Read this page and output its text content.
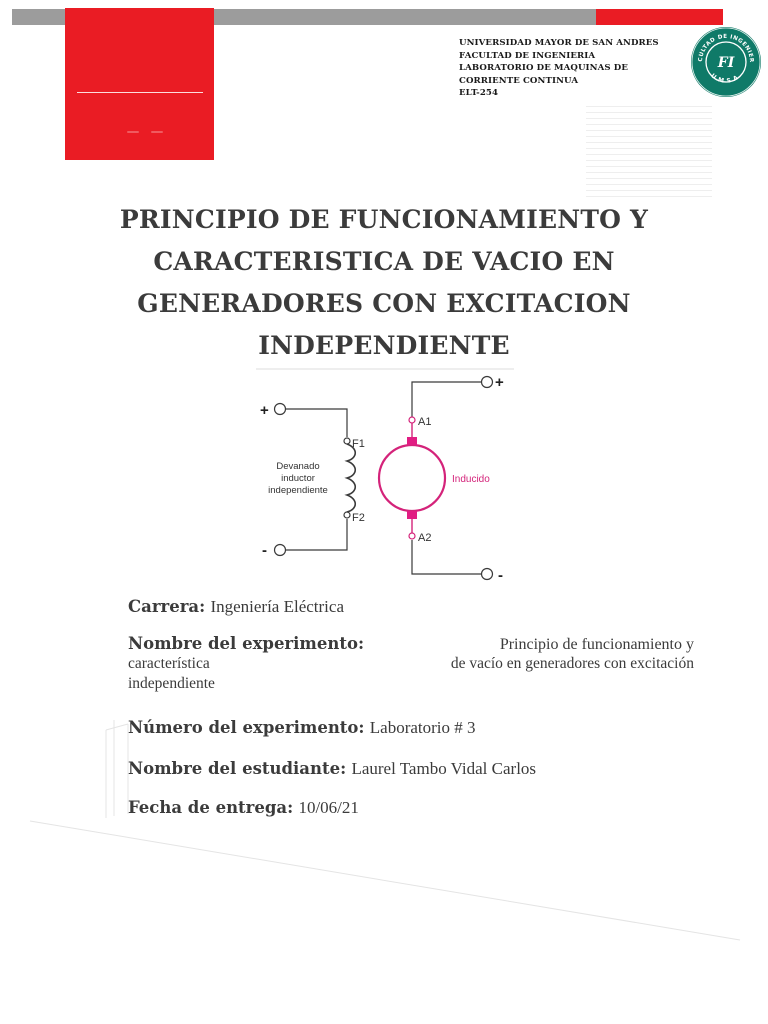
UNIVERSIDAD MAYOR DE SAN ANDRES
FACULTAD DE INGENIERIA
LABORATORIO DE MAQUINAS DE
CORRIENTE CONTINUA
ELT-254
CULTAD DE INGENIER
U.M.S.A.
FI
PRINCIPIO DE FUNCIONAMIENTO Y
CARACTERISTICA DE VACIO EN
GENERADORES CON EXCITACION
INDEPENDIENTE
+
-
F1
F2
Devanado
inductor
independiente
+
-
A1
A2
Inducido
Carrera: Ingeniería Eléctrica
Nombre del experimento:	Principio de funcionamiento y
característica	de vacío en generadores con excitación
independiente
Número del experimento: Laboratorio # 3
Nombre del estudiante: Laurel Tambo Vidal Carlos
Fecha de entrega: 10/06/21
